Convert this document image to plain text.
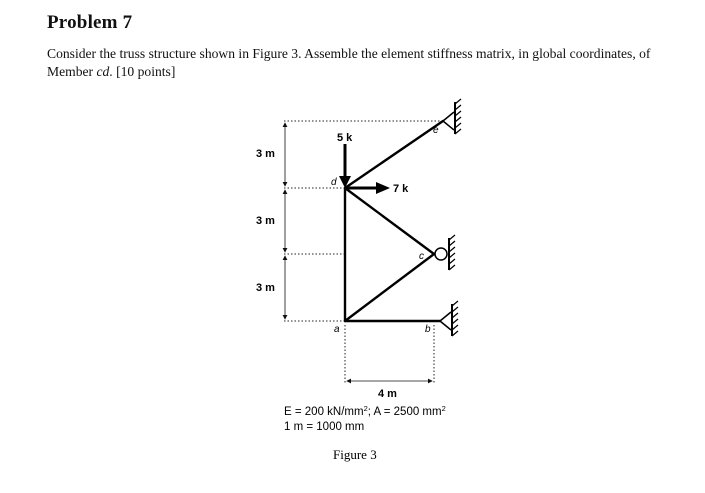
Problem 7

Consider the truss structure shown in Figure 3. Assemble the element stiffness matrix, in global coordinates, of Member cd. [10 points]

5 k
7 k
d
e
c
a	b
3 m
3 m
3 m
4 m
E = 200 $kN/mm^2$; A = 2500 $mm^2$
1 m = 1000 mm
Figure 3
